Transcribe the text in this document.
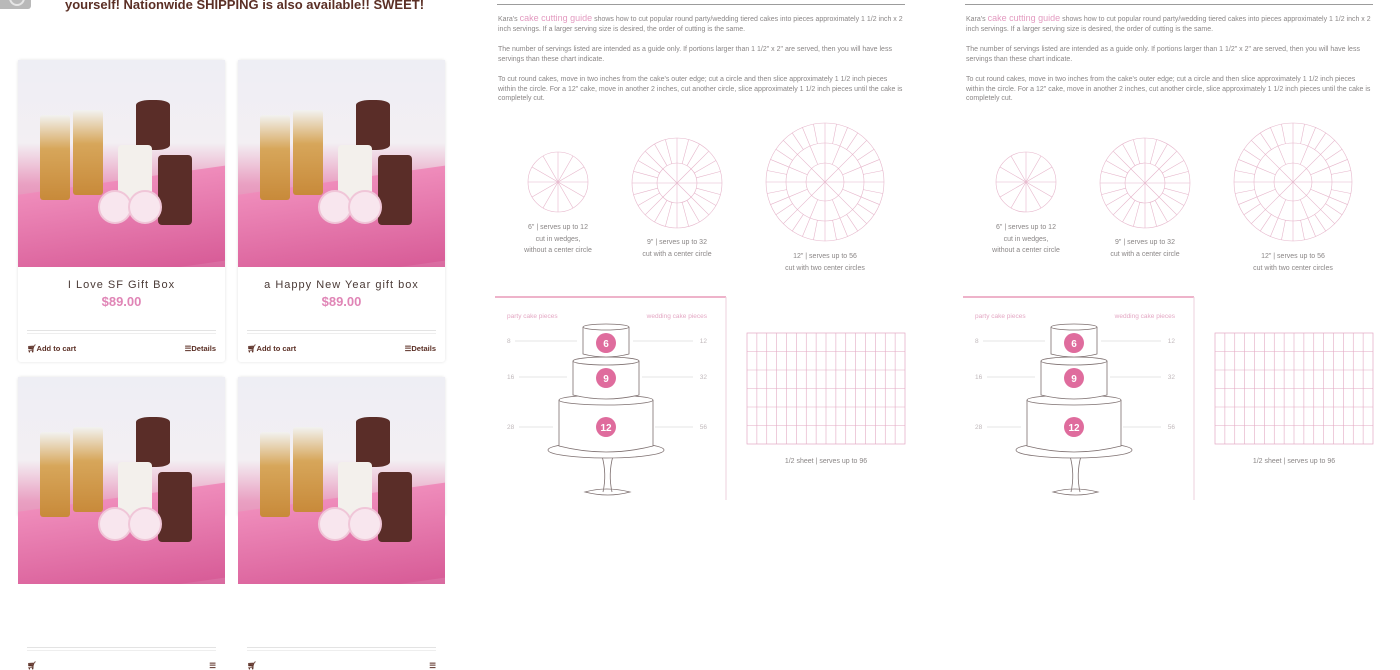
yourself! Nationwide SHIPPING is also available!! SWEET!
I Love SF Gift Box
$89.00
🛒︎Add to cart	☰Details
a Happy New Year gift box
$89.00
🛒︎Add to cart	☰Details
🛒︎	☰	🛒︎	☰

Kara's cake cutting guide shows how to cut popular round party/wedding tiered cakes into pieces approximately 1 1/2 inch x 2 inch servings. If a larger serving size is desired, the order of cutting is the same.

The number of servings listed are intended as a guide only. If portions larger than 1 1/2" x 2" are served, then you will have less servings than these chart indicate.

To cut round cakes, move in two inches from the cake's outer edge; cut a circle and then slice approximately 1 1/2 inch pieces within the circle. For a 12" cake, move in another 2 inches, cut another circle, slice approximately 1 1/2 inch pieces until the cake is completely cut.

6" | serves up to 12
cut in wedges,
without a center circle
9" | serves up to 32
cut with a center circle	12" | serves up to 56
cut with two center circles
party cake pieces	wedding cake pieces
8
16
28
12
32
56
6
9
12
1/2 sheet | serves up to 96

Kara's cake cutting guide shows how to cut popular round party/wedding tiered cakes into pieces approximately 1 1/2 inch x 2 inch servings. If a larger serving size is desired, the order of cutting is the same.

The number of servings listed are intended as a guide only. If portions larger than 1 1/2" x 2" are served, then you will have less servings than these chart indicate.

To cut round cakes, move in two inches from the cake's outer edge; cut a circle and then slice approximately 1 1/2 inch pieces within the circle. For a 12" cake, move in another 2 inches, cut another circle, slice approximately 1 1/2 inch pieces until the cake is completely cut.

6" | serves up to 12
cut in wedges,
without a center circle
9" | serves up to 32
cut with a center circle	12" | serves up to 56
cut with two center circles
party cake pieces	wedding cake pieces
8
16
28
12
32
56
6
9
12
1/2 sheet | serves up to 96
